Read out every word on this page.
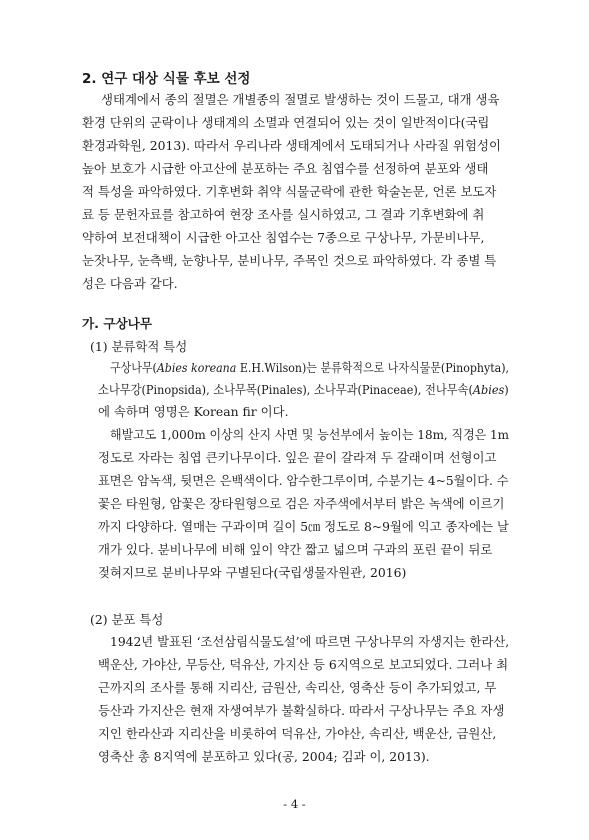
2. 연구 대상 식물 후보 선정
생태계에서 종의 절멸은 개별종의 절멸로 발생하는 것이 드물고, 대개 생육
환경 단위의 군락이나 생태계의 소멸과 연결되어 있는 것이 일반적이다(국립
환경과학원, 2013). 따라서 우리나라 생태계에서 도태되거나 사라질 위험성이
높아 보호가 시급한 아고산에 분포하는 주요 침엽수를 선정하여 분포와 생태
적 특성을 파악하였다. 기후변화 취약 식물군락에 관한 학술논문, 언론 보도자
료 등 문헌자료를 참고하여 현장 조사를 실시하였고, 그 결과 기후변화에 취
약하여 보전대책이 시급한 아고산 침엽수는 7종으로 구상나무, 가문비나무,
눈잣나무, 눈측백, 눈향나무, 분비나무, 주목인 것으로 파악하였다. 각 종별 특
성은 다음과 같다.
가. 구상나무
(1) 분류학적 특성
구상나무(Abies koreana E.H.Wilson)는 분류학적으로 나자식물문(Pinophyta),
소나무강(Pinopsida), 소나무목(Pinales), 소나무과(Pinaceae), 전나무속(Abies)
에 속하며 영명은 Korean fir 이다.
해발고도 1,000m 이상의 산지 사면 및 능선부에서 높이는 18m, 직경은 1m
정도로 자라는 침엽 큰키나무이다. 잎은 끝이 갈라져 두 갈래이며 선형이고
표면은 암녹색, 뒷면은 은백색이다. 암수한그루이며, 수분기는 4~5월이다. 수
꽃은 타원형, 암꽃은 장타원형으로 검은 자주색에서부터 밝은 녹색에 이르기
까지 다양하다. 열매는 구과이며 길이 5㎝ 정도로 8~9월에 익고 종자에는 날
개가 있다. 분비나무에 비해 잎이 약간 짧고 넓으며 구과의 포린 끝이 뒤로
젖혀지므로 분비나무와 구별된다(국립생물자원관, 2016)
(2) 분포 특성
1942년 발표된 ‘조선삼림식물도설’에 따르면 구상나무의 자생지는 한라산,
백운산, 가야산, 무등산, 덕유산, 가지산 등 6지역으로 보고되었다. 그러나 최
근까지의 조사를 통해 지리산, 금원산, 속리산, 영축산 등이 추가되었고, 무
등산과 가지산은 현재 자생여부가 불확실하다. 따라서 구상나무는 주요 자생
지인 한라산과 지리산을 비롯하여 덕유산, 가야산, 속리산, 백운산, 금원산,
영축산 총 8지역에 분포하고 있다(공, 2004; 김과 이, 2013).
- 4 -
